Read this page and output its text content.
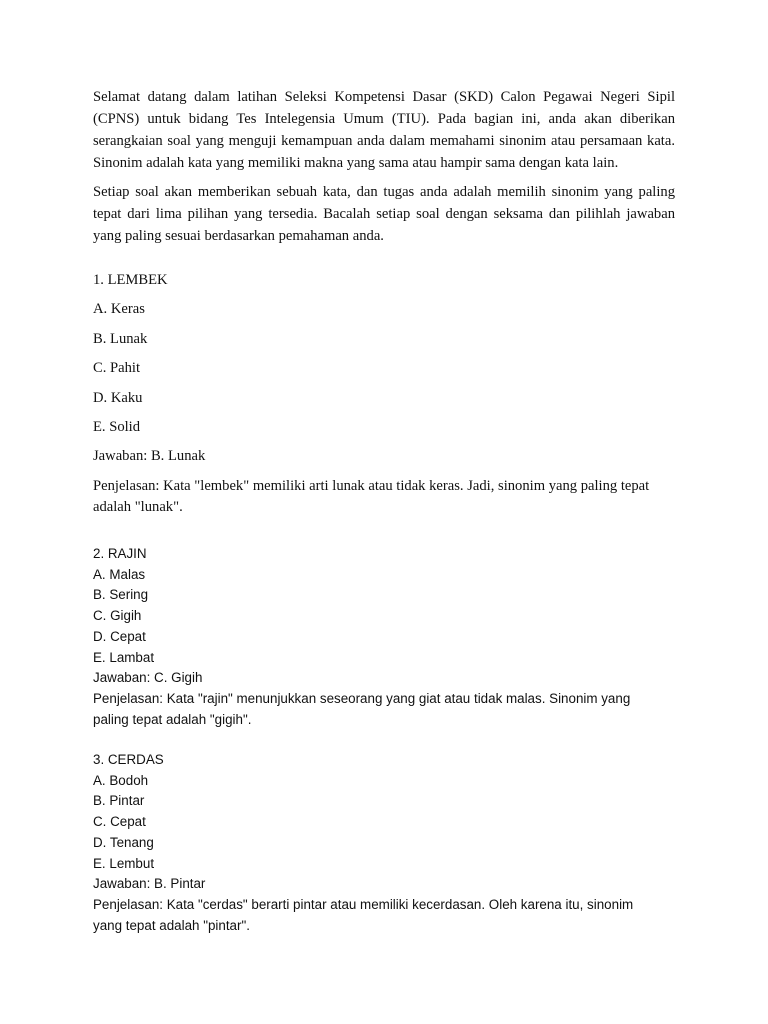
Selamat datang dalam latihan Seleksi Kompetensi Dasar (SKD) Calon Pegawai Negeri Sipil (CPNS) untuk bidang Tes Intelegensia Umum (TIU). Pada bagian ini, anda akan diberikan serangkaian soal yang menguji kemampuan anda dalam memahami sinonim atau persamaan kata. Sinonim adalah kata yang memiliki makna yang sama atau hampir sama dengan kata lain.

Setiap soal akan memberikan sebuah kata, dan tugas anda adalah memilih sinonim yang paling tepat dari lima pilihan yang tersedia. Bacalah setiap soal dengan seksama dan pilihlah jawaban yang paling sesuai berdasarkan pemahaman anda.

1. LEMBEK
A. Keras
B. Lunak
C. Pahit
D. Kaku
E. Solid
Jawaban: B. Lunak
Penjelasan: Kata "lembek" memiliki arti lunak atau tidak keras. Jadi, sinonim yang paling tepat adalah "lunak".
2. RAJIN
A. Malas
B. Sering
C. Gigih
D. Cepat
E. Lambat
Jawaban: C. Gigih
Penjelasan: Kata "rajin" menunjukkan seseorang yang giat atau tidak malas. Sinonim yang paling tepat adalah "gigih".
3. CERDAS
A. Bodoh
B. Pintar
C. Cepat
D. Tenang
E. Lembut
Jawaban: B. Pintar
Penjelasan: Kata "cerdas" berarti pintar atau memiliki kecerdasan. Oleh karena itu, sinonim yang tepat adalah "pintar".
